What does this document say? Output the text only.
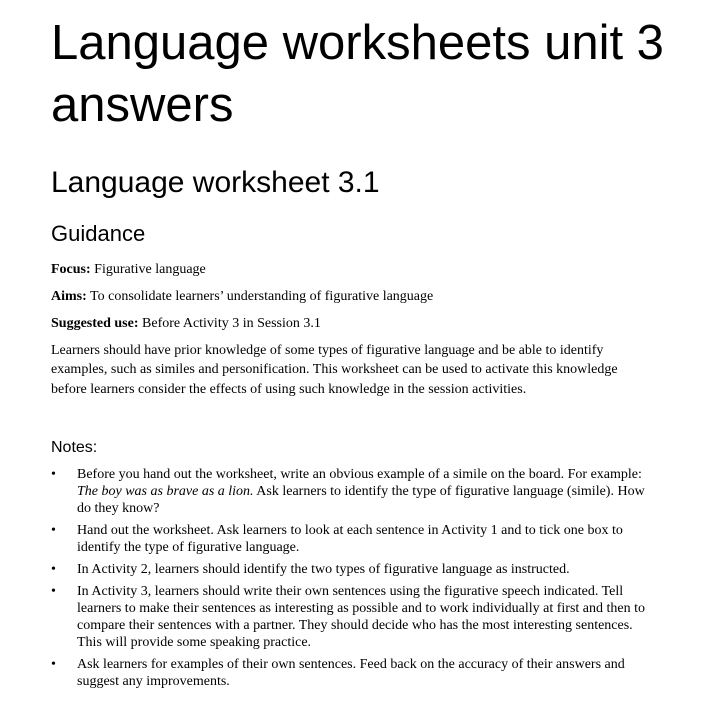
Language worksheets unit 3 answers
Language worksheet 3.1
Guidance

Focus: Figurative language

Aims: To consolidate learners’ understanding of figurative language

Suggested use: Before Activity 3 in Session 3.1

Learners should have prior knowledge of some types of figurative language and be able to identify examples, such as similes and personification. This worksheet can be used to activate this knowledge before learners consider the effects of using such knowledge in the session activities.

Notes:
• Before you hand out the worksheet, write an obvious example of a simile on the board. For example: The boy was as brave as a lion. Ask learners to identify the type of figurative language (simile). How do they know?
• Hand out the worksheet. Ask learners to look at each sentence in Activity 1 and to tick one box to identify the type of figurative language.
• In Activity 2, learners should identify the two types of figurative language as instructed.
• In Activity 3, learners should write their own sentences using the figurative speech indicated. Tell learners to make their sentences as interesting as possible and to work individually at first and then to compare their sentences with a partner. They should decide who has the most interesting sentences. This will provide some speaking practice.
• Ask learners for examples of their own sentences. Feed back on the accuracy of their answers and suggest any improvements.
